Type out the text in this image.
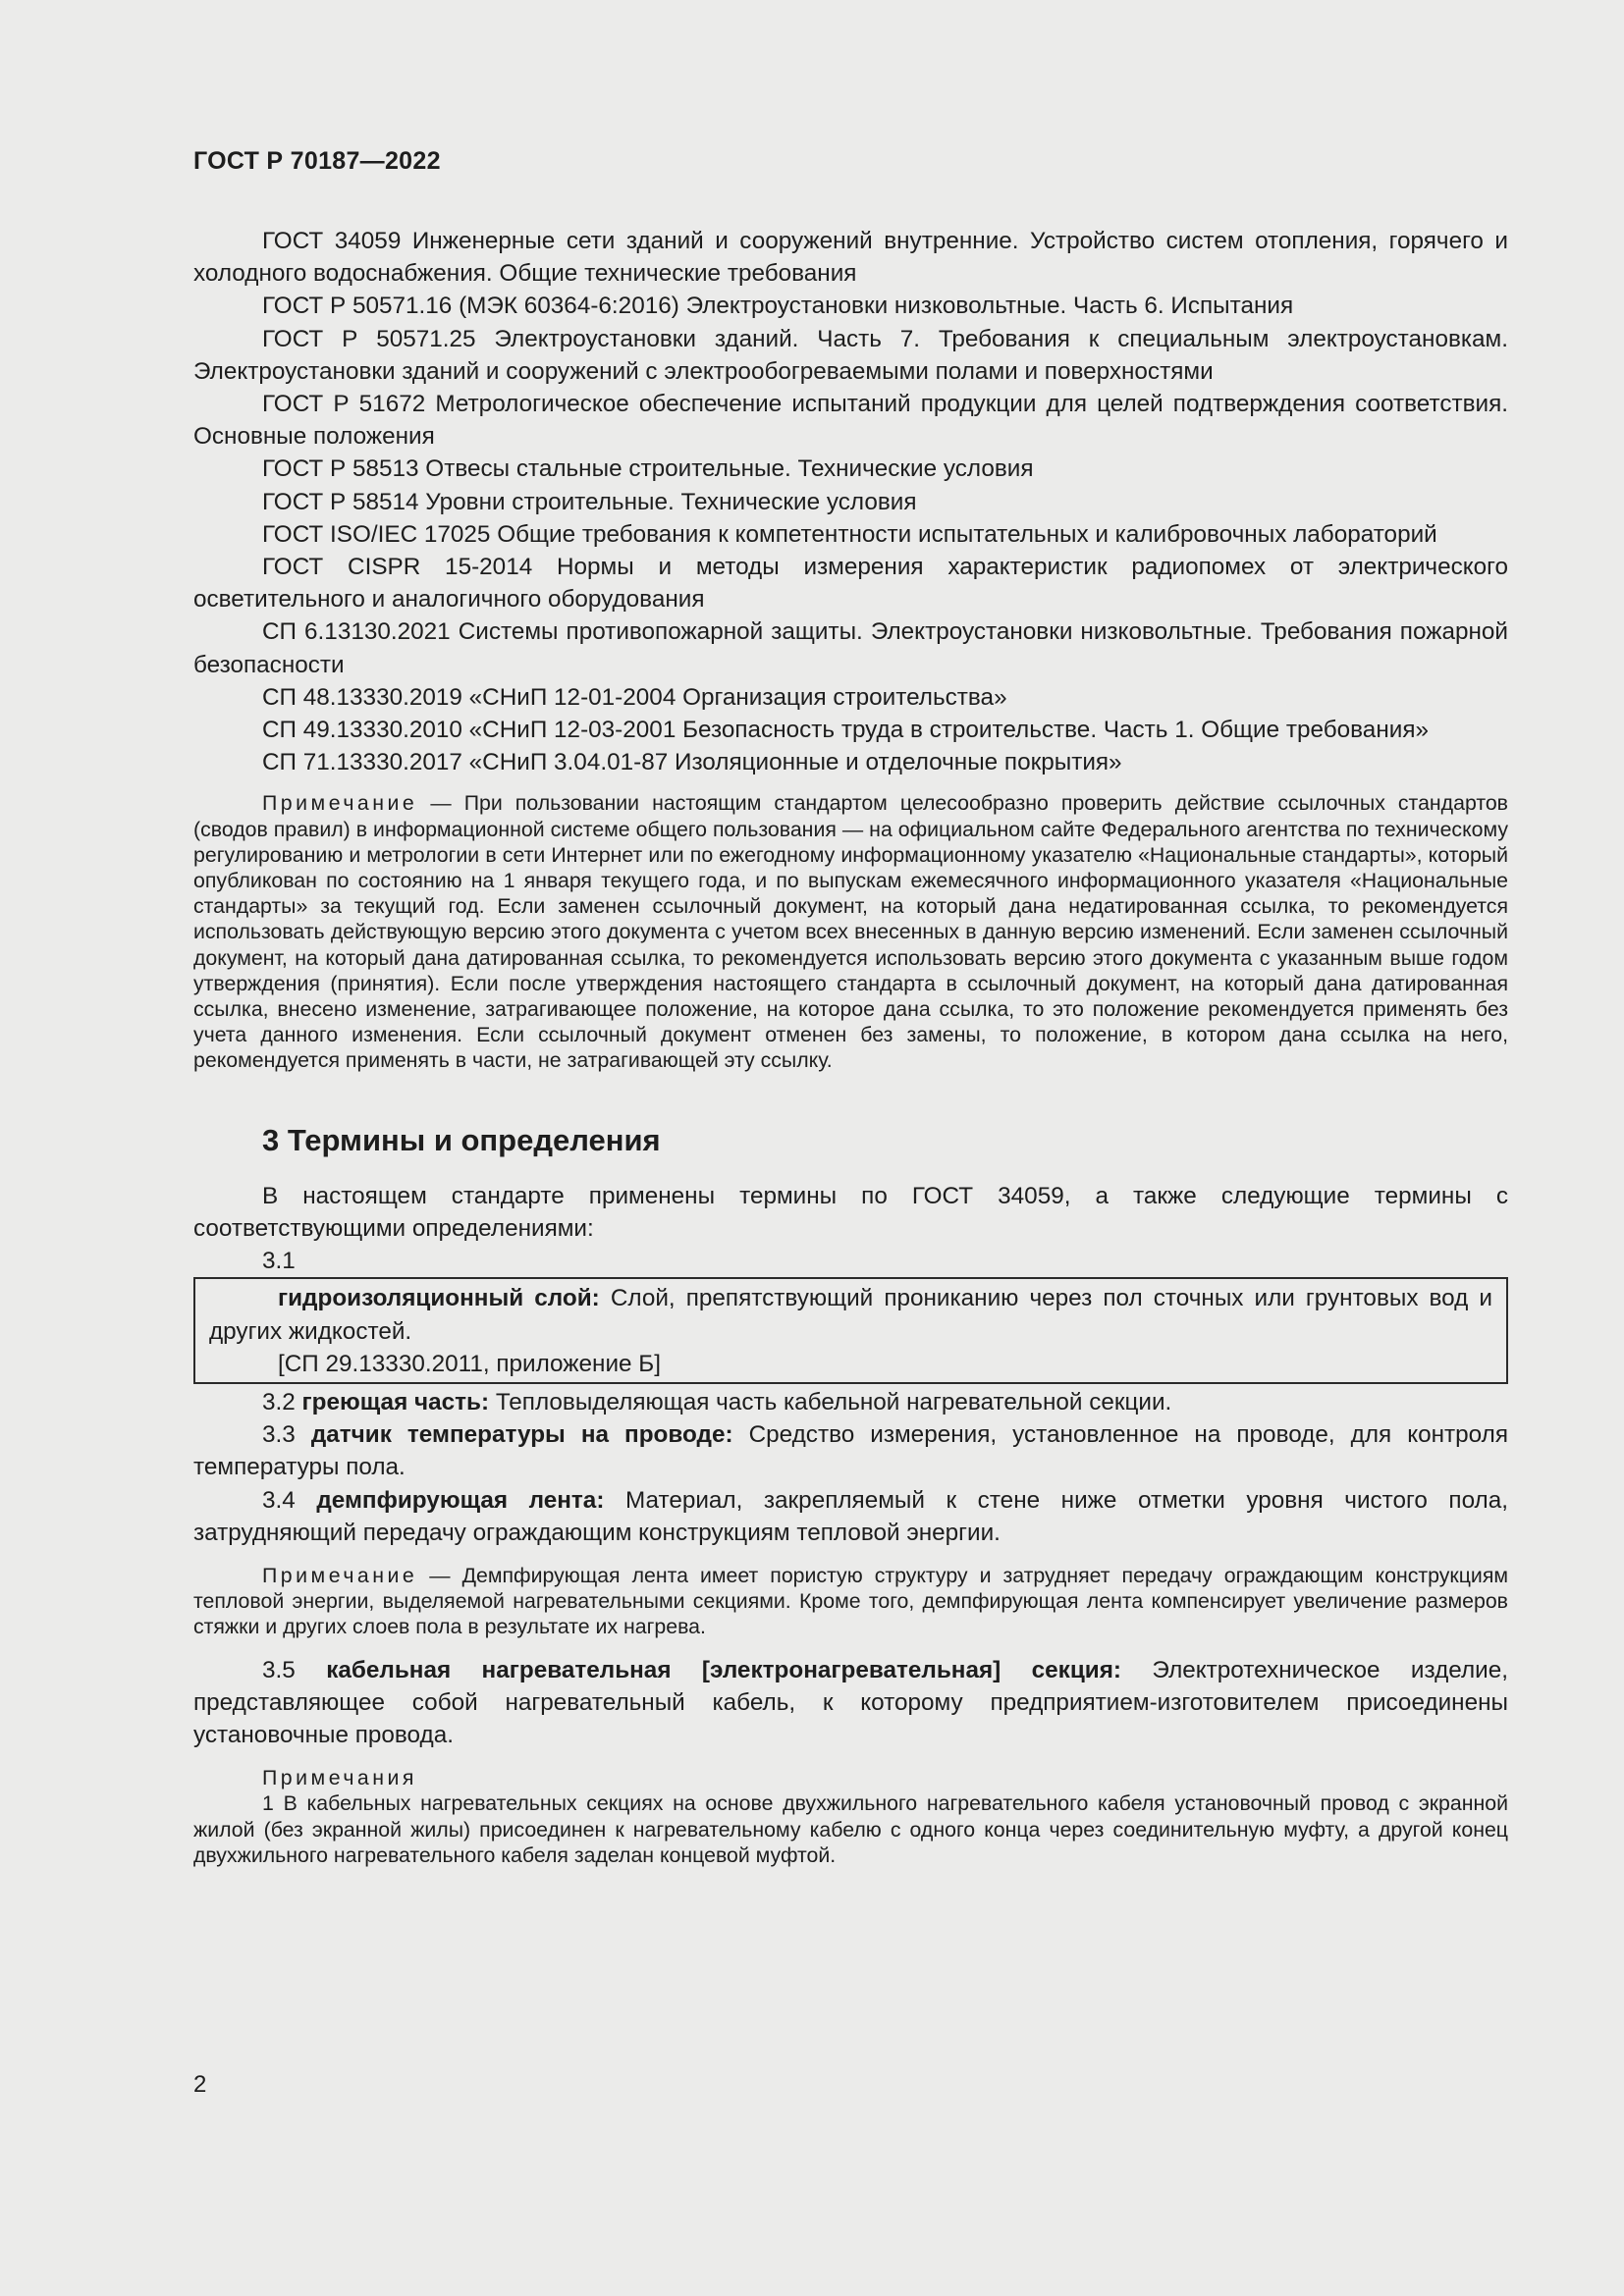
ГОСТ Р 70187—2022

ГОСТ 34059 Инженерные сети зданий и сооружений внутренние. Устройство систем отопления, горячего и холодного водоснабжения. Общие технические требования

ГОСТ Р 50571.16 (МЭК 60364-6:2016) Электроустановки низковольтные. Часть 6. Испытания

ГОСТ Р 50571.25 Электроустановки зданий. Часть 7. Требования к специальным электроустановкам. Электроустановки зданий и сооружений с электрообогреваемыми полами и поверхностями

ГОСТ Р 51672 Метрологическое обеспечение испытаний продукции для целей подтверждения соответствия. Основные положения

ГОСТ Р 58513 Отвесы стальные строительные. Технические условия

ГОСТ Р 58514 Уровни строительные. Технические условия

ГОСТ ISO/IEC 17025 Общие требования к компетентности испытательных и калибровочных лабораторий

ГОСТ CISPR 15-2014 Нормы и методы измерения характеристик радиопомех от электрического осветительного и аналогичного оборудования

СП 6.13130.2021 Системы противопожарной защиты. Электроустановки низковольтные. Требования пожарной безопасности

СП 48.13330.2019 «СНиП 12-01-2004 Организация строительства»

СП 49.13330.2010 «СНиП 12-03-2001 Безопасность труда в строительстве. Часть 1. Общие требования»

СП 71.13330.2017 «СНиП 3.04.01-87 Изоляционные и отделочные покрытия»

Примечание — При пользовании настоящим стандартом целесообразно проверить действие ссылочных стандартов (сводов правил) в информационной системе общего пользования — на официальном сайте Федерального агентства по техническому регулированию и метрологии в сети Интернет или по ежегодному информационному указателю «Национальные стандарты», который опубликован по состоянию на 1 января текущего года, и по выпускам ежемесячного информационного указателя «Национальные стандарты» за текущий год. Если заменен ссылочный документ, на который дана недатированная ссылка, то рекомендуется использовать действующую версию этого документа с учетом всех внесенных в данную версию изменений. Если заменен ссылочный документ, на который дана датированная ссылка, то рекомендуется использовать версию этого документа с указанным выше годом утверждения (принятия). Если после утверждения настоящего стандарта в ссылочный документ, на который дана датированная ссылка, внесено изменение, затрагивающее положение, на которое дана ссылка, то это положение рекомендуется применять без учета данного изменения. Если ссылочный документ отменен без замены, то положение, в котором дана ссылка на него, рекомендуется применять в части, не затрагивающей эту ссылку.

3 Термины и определения

В настоящем стандарте применены термины по ГОСТ 34059, а также следующие термины с соответствующими определениями:

3.1

гидроизоляционный слой: Слой, препятствующий прониканию через пол сточных или грунтовых вод и других жидкостей.

[СП 29.13330.2011, приложение Б]

3.2 греющая часть: Тепловыделяющая часть кабельной нагревательной секции.

3.3 датчик температуры на проводе: Средство измерения, установленное на проводе, для контроля температуры пола.

3.4 демпфирующая лента: Материал, закрепляемый к стене ниже отметки уровня чистого пола, затрудняющий передачу ограждающим конструкциям тепловой энергии.

Примечание — Демпфирующая лента имеет пористую структуру и затрудняет передачу ограждающим конструкциям тепловой энергии, выделяемой нагревательными секциями. Кроме того, демпфирующая лента компенсирует увеличение размеров стяжки и других слоев пола в результате их нагрева.

3.5 кабельная нагревательная [электронагревательная] секция: Электротехническое изделие, представляющее собой нагревательный кабель, к которому предприятием-изготовителем присоединены установочные провода.

Примечания

1 В кабельных нагревательных секциях на основе двухжильного нагревательного кабеля установочный провод с экранной жилой (без экранной жилы) присоединен к нагревательному кабелю с одного конца через соединительную муфту, а другой конец двухжильного нагревательного кабеля заделан концевой муфтой.

2
